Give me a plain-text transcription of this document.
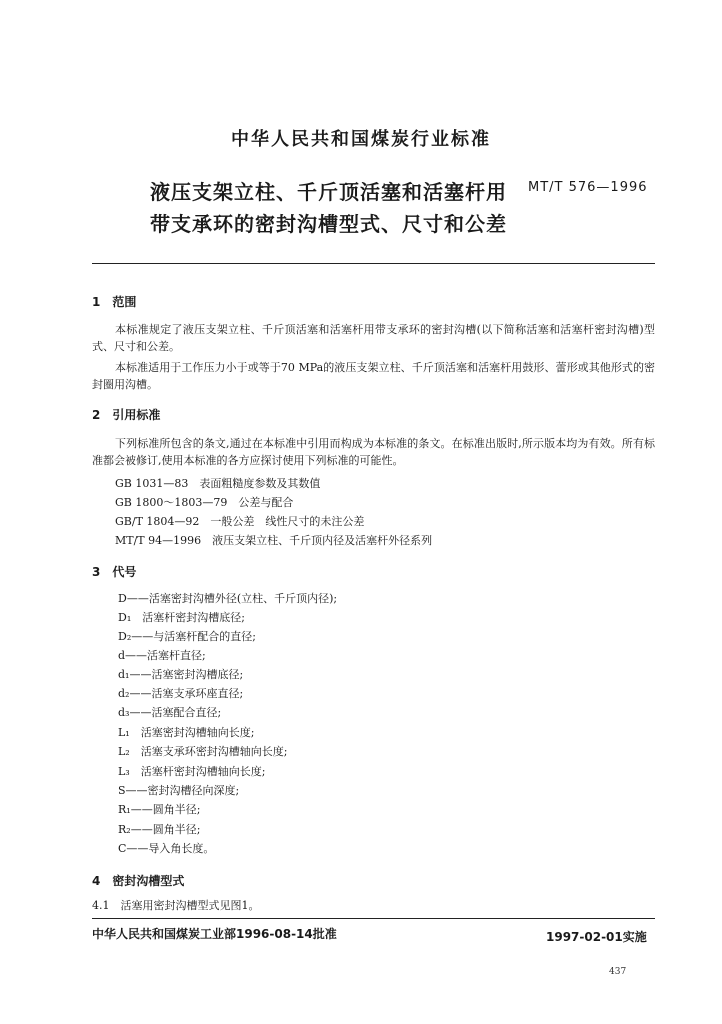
中华人民共和国煤炭行业标准
液压支架立柱、千斤顶活塞和活塞杆用
带支承环的密封沟槽型式、尺寸和公差
MT/T 576—1996
1　范围
本标准规定了液压支架立柱、千斤顶活塞和活塞杆用带支承环的密封沟槽(以下简称活塞和活塞杆密封沟槽)型式、尺寸和公差。
本标准适用于工作压力小于或等于70 MPa的液压支架立柱、千斤顶活塞和活塞杆用鼓形、蕾形或其他形式的密封圈用沟槽。
2　引用标准
下列标准所包含的条文,通过在本标准中引用而构成为本标准的条文。在标准出版时,所示版本均为有效。所有标准都会被修订,使用本标准的各方应探讨使用下列标准的可能性。
GB 1031—83　表面粗糙度参数及其数值
GB 1800～1803—79　公差与配合
GB/T 1804—92　一般公差　线性尺寸的未注公差
MT/T 94—1996　液压支架立柱、千斤顶内径及活塞杆外径系列
3　代号
D——活塞密封沟槽外径(立柱、千斤顶内径);
D₁　活塞杆密封沟槽底径;
D₂——与活塞杆配合的直径;
d——活塞杆直径;
d₁——活塞密封沟槽底径;
d₂——活塞支承环座直径;
d₃——活塞配合直径;
L₁　活塞密封沟槽轴向长度;
L₂　活塞支承环密封沟槽轴向长度;
L₃　活塞杆密封沟槽轴向长度;
S——密封沟槽径向深度;
R₁——圆角半径;
R₂——圆角半径;
C——导入角长度。
4　密封沟槽型式
4.1　活塞用密封沟槽型式见图1。
中华人民共和国煤炭工业部1996-08-14批准	1997-02-01实施
437
